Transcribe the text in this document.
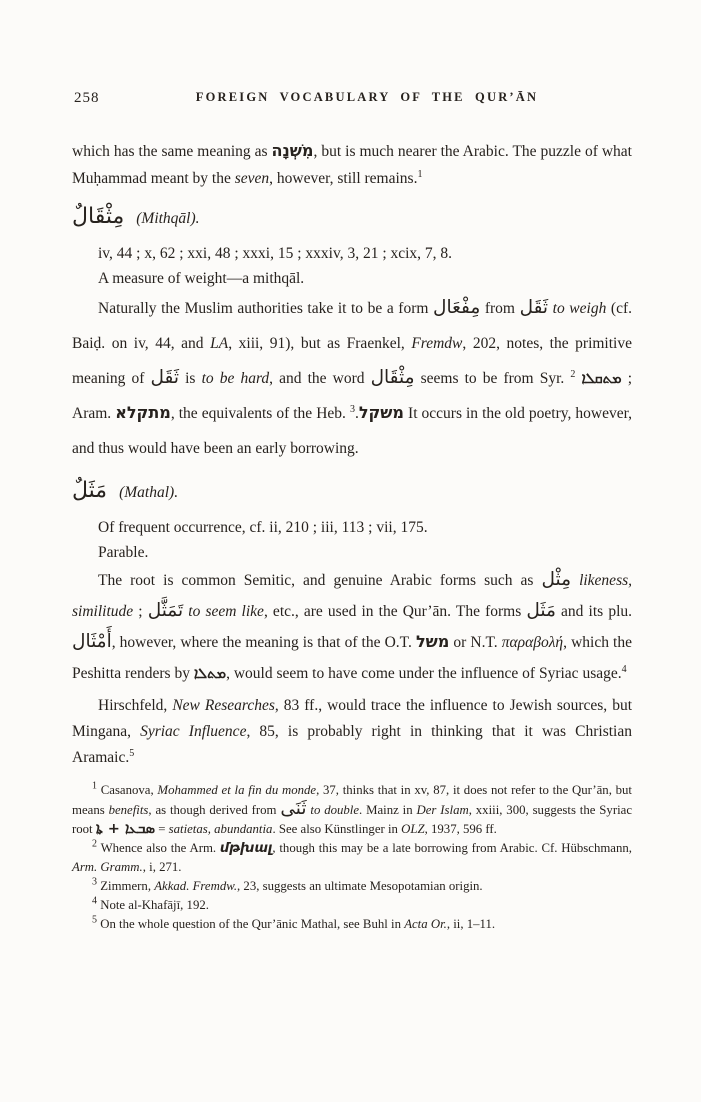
258	FOREIGN VOCABULARY OF THE QUR’ĀN

which has the same meaning as מִשְׁנָה, but is much nearer the Arabic. The puzzle of what Muḥammad meant by the seven, however, still remains.$^1$

مِثْقَالٌ (Mithqāl).

iv, 44 ; x, 62 ; xxi, 48 ; xxxi, 15 ; xxxiv, 3, 21 ; xcix, 7, 8.

A measure of weight—a mithqāl.

Naturally the Muslim authorities take it to be a form مِفْعَال from ثَقَل to weigh (cf. Baiḍ. on iv, 44, and LA, xiii, 91), but as Fraenkel, Fremdw, 202, notes, the primitive meaning of ثَقَل is to be hard, and the word مِثْقَال seems to be from Syr. ܡܬܩܠܐ $^2$	; Aram. מתקלא, the equivalents of the Heb. משקל.$^3$	It occurs in the old poetry, however, and thus would have been an early borrowing.

مَثَلٌ (Mathal).

Of frequent occurrence, cf. ii, 210 ; iii, 113 ; vii, 175.

Parable.

The root is common Semitic, and genuine Arabic forms such as مِثْل likeness, similitude ; تَمَثَّل to seem like, etc., are used in the Qur’ān. The forms مَثَل and its plu. أَمْثَال, however, where the meaning is that of the O.T. משל or N.T. παραβολή, which the Peshitta renders by ܡܬܠܐ, would seem to have come under the influence of Syriac usage.$^4$

Hirschfeld, New Researches, 83 ff., would trace the influence to Jewish sources, but Mingana, Syriac Influence, 85, is probably right in thinking that it was Christian Aramaic.$^5$

$^1$ Casanova, Mohammed et la fin du monde, 37, thinks that in xv, 87, it does not refer to the Qur’ān, but means benefits, as though derived from ثَنَى to double. Mainz in Der Islam, xxiii, 300, suggests the Syriac root ܣܒܥܐ + ܬܐ = satietas, abundantia. See also Künstlinger in OLZ, 1937, 596 ff.

$^2$ Whence also the Arm. մթխալ, though this may be a late borrowing from Arabic. Cf. Hübschmann, Arm. Gramm., i, 271.

$^3$ Zimmern, Akkad. Fremdw., 23, suggests an ultimate Mesopotamian origin.

$^4$ Note al-Khafājī, 192.

$^5$ On the whole question of the Qur’ānic Mathal, see Buhl in Acta Or., ii, 1–11.
